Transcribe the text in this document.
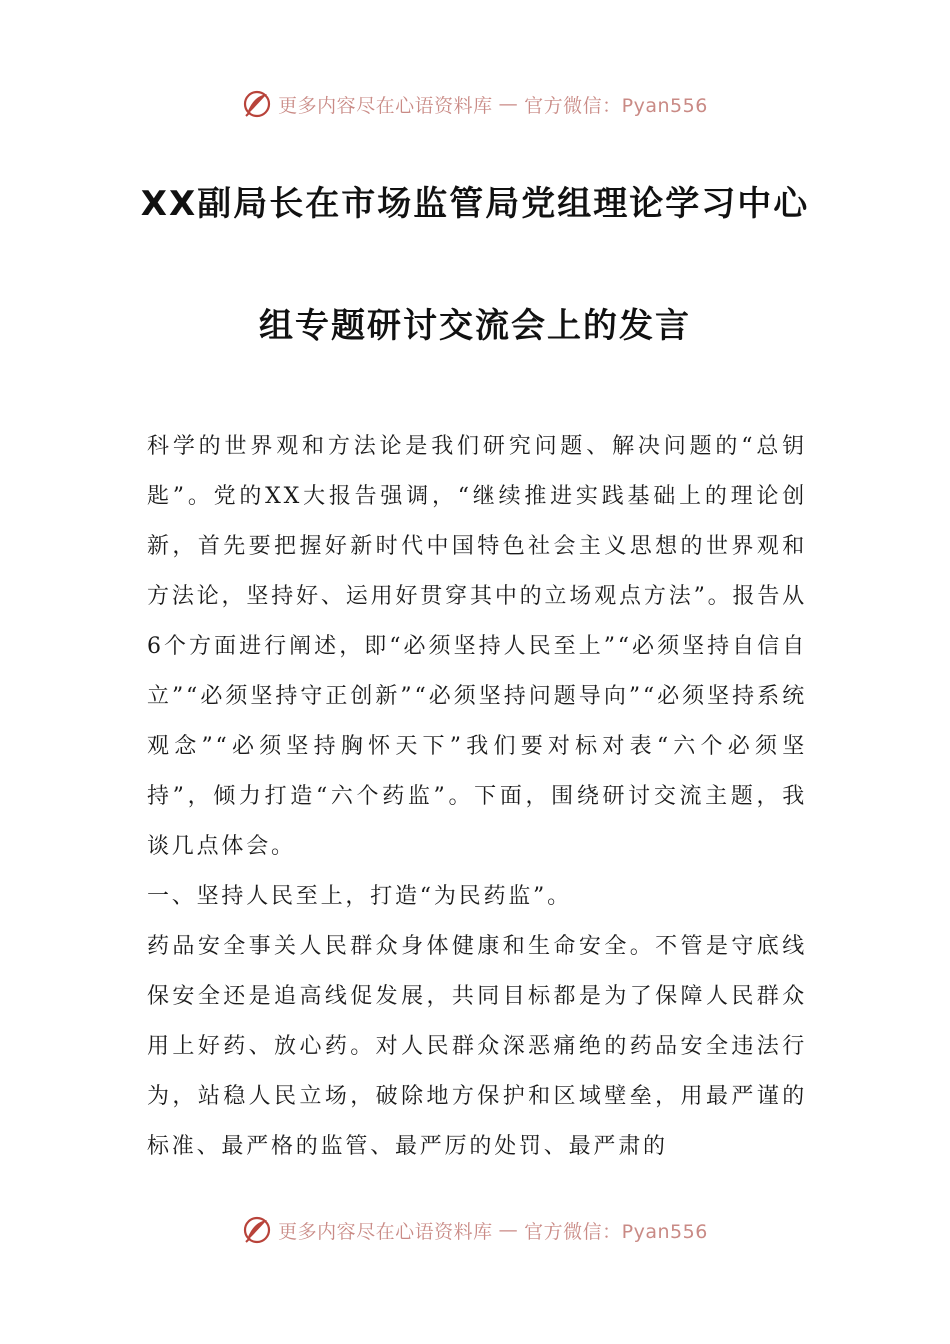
更多内容尽在心语资料库 — 官方微信：Pyan556
XX副局长在市场监管局党组理论学习中心
组专题研讨交流会上的发言

科学的世界观和方法论是我们研究问题、解决问题的“总钥匙”。党的XX大报告强调，“继续推进实践基础上的理论创新，首先要把握好新时代中国特色社会主义思想的世界观和方法论，坚持好、运用好贯穿其中的立场观点方法”。报告从6个方面进行阐述，即“必须坚持人民至上”“必须坚持自信自立”“必须坚持守正创新”“必须坚持问题导向”“必须坚持系统观念”“必须坚持胸怀天下”我们要对标对表“六个必须坚持”，倾力打造“六个药监”。下面，围绕研讨交流主题，我谈几点体会。

一、坚持人民至上，打造“为民药监”。

药品安全事关人民群众身体健康和生命安全。不管是守底线保安全还是追高线促发展，共同目标都是为了保障人民群众用上好药、放心药。对人民群众深恶痛绝的药品安全违法行为，站稳人民立场，破除地方保护和区域壁垒，用最严谨的标准、最严格的监管、最严厉的处罚、最严肃的

更多内容尽在心语资料库 — 官方微信：Pyan556
